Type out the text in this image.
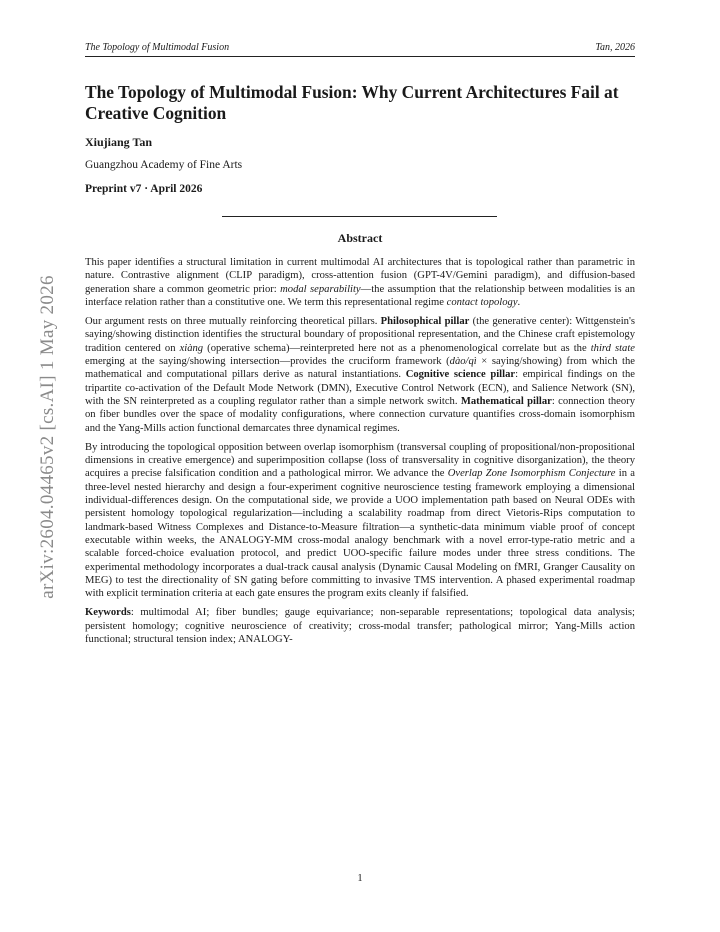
The Topology of Multimodal Fusion	Tan, 2026
arXiv:2604.04465v2 [cs.AI] 1 May 2026
The Topology of Multimodal Fusion: Why Current Architectures Fail at Creative Cognition
Xiujiang Tan
Guangzhou Academy of Fine Arts
Preprint v7 · April 2026
Abstract

This paper identifies a structural limitation in current multimodal AI architectures that is topological rather than parametric in nature. Contrastive alignment (CLIP paradigm), cross-attention fusion (GPT-4V/Gemini paradigm), and diffusion-based generation share a common geometric prior: modal separability—the assumption that the relationship between modalities is an interface relation rather than a constitutive one. We term this representational regime contact topology.

Our argument rests on three mutually reinforcing theoretical pillars. Philosophical pillar (the generative center): Wittgenstein's saying/showing distinction identifies the structural boundary of propositional representation, and the Chinese craft epistemology tradition centered on xiàng (operative schema)—reinterpreted here not as a phenomenological correlate but as the third state emerging at the saying/showing intersection—provides the cruciform framework (dào/qì × saying/showing) from which the mathematical and computational pillars derive as natural instantiations. Cognitive science pillar: empirical findings on the tripartite co-activation of the Default Mode Network (DMN), Executive Control Network (ECN), and Salience Network (SN), with the SN reinterpreted as a coupling regulator rather than a simple network switch. Mathematical pillar: connection theory on fiber bundles over the space of modality configurations, where connection curvature quantifies cross-domain isomorphism and the Yang-Mills action functional demarcates three dynamical regimes.

By introducing the topological opposition between overlap isomorphism (transversal coupling of propositional/non-propositional dimensions in creative emergence) and superimposition collapse (loss of transversality in cognitive disorganization), the theory acquires a precise falsification condition and a pathological mirror. We advance the Overlap Zone Isomorphism Conjecture in a three-level nested hierarchy and design a four-experiment cognitive neuroscience testing framework employing a dimensional individual-differences design. On the computational side, we provide a UOO implementation path based on Neural ODEs with persistent homology topological regularization—including a scalability roadmap from direct Vietoris-Rips computation to landmark-based Witness Complexes and Distance-to-Measure filtration—a synthetic-data minimum viable proof of concept executable within weeks, the ANALOGY-MM cross-modal analogy benchmark with a novel error-type-ratio metric and a scalable forced-choice evaluation protocol, and predict UOO-specific failure modes under three stress conditions. The experimental methodology incorporates a dual-track causal analysis (Dynamic Causal Modeling on fMRI, Granger Causality on MEG) to test the directionality of SN gating before committing to invasive TMS intervention. A phased experimental roadmap with explicit termination criteria at each gate ensures the program exits cleanly if falsified.

Keywords: multimodal AI; fiber bundles; gauge equivariance; non-separable representations; topological data analysis; persistent homology; cognitive neuroscience of creativity; cross-modal transfer; pathological mirror; Yang-Mills action functional; structural tension index; ANALOGY-

1
